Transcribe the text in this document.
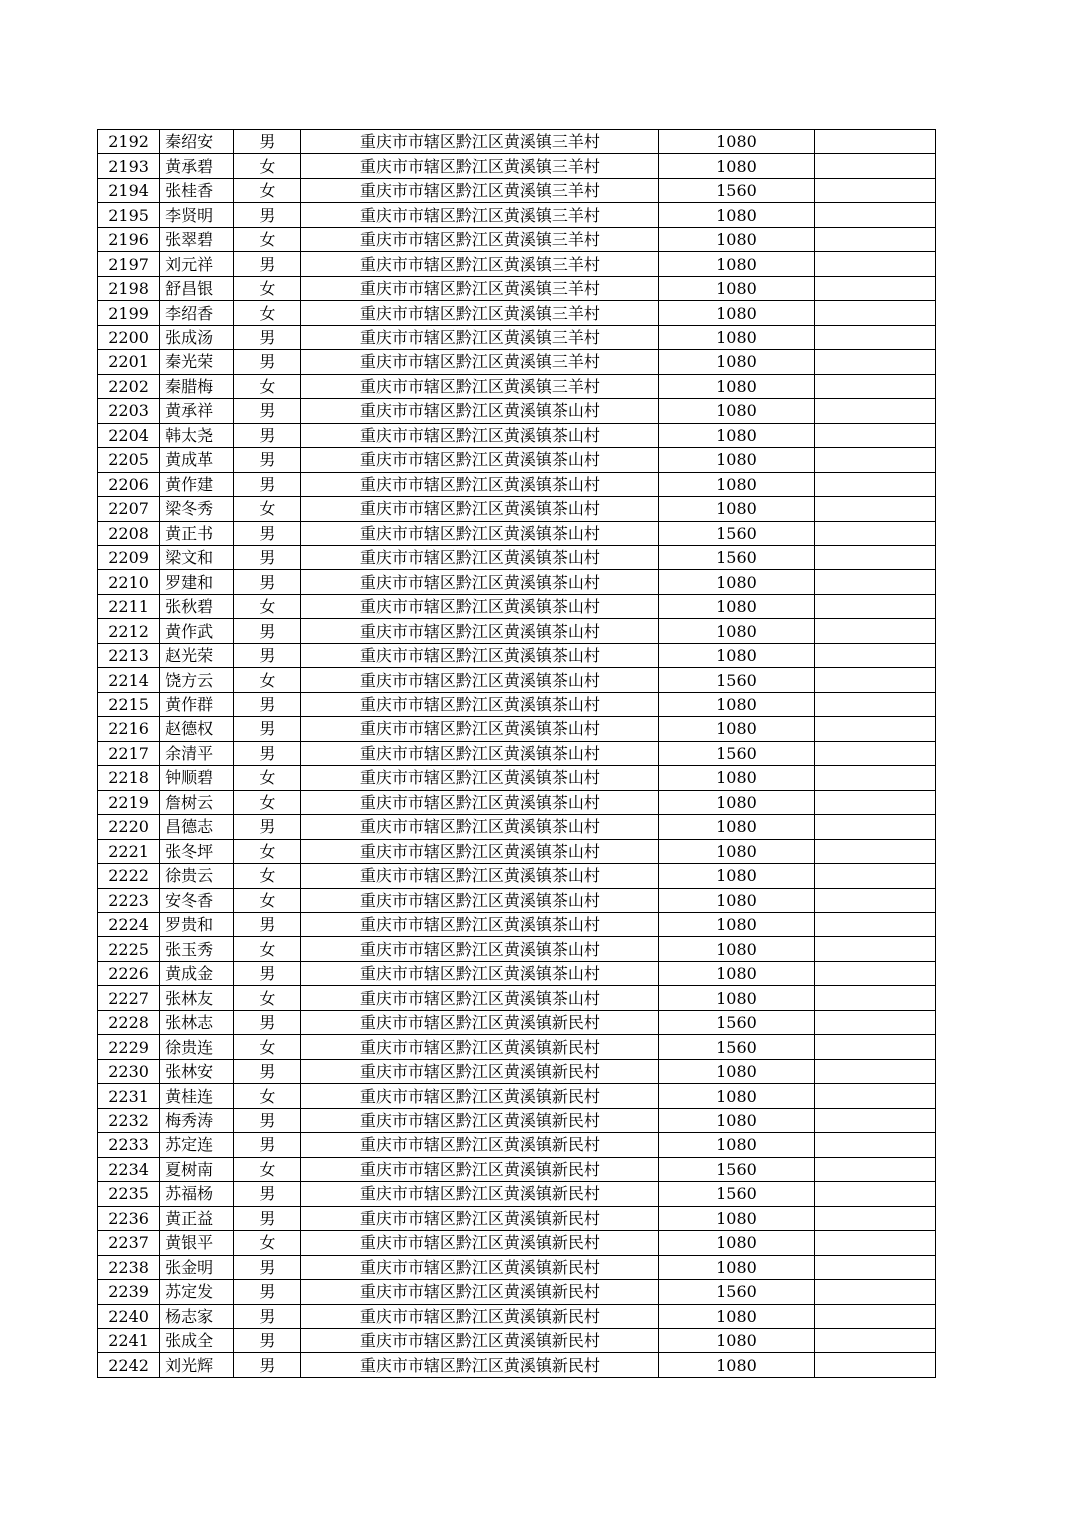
2192	秦绍安	男	重庆市市辖区黔江区黄溪镇三羊村	1080	
2193	黄承碧	女	重庆市市辖区黔江区黄溪镇三羊村	1080	
2194	张桂香	女	重庆市市辖区黔江区黄溪镇三羊村	1560	
2195	李贤明	男	重庆市市辖区黔江区黄溪镇三羊村	1080	
2196	张翠碧	女	重庆市市辖区黔江区黄溪镇三羊村	1080	
2197	刘元祥	男	重庆市市辖区黔江区黄溪镇三羊村	1080	
2198	舒昌银	女	重庆市市辖区黔江区黄溪镇三羊村	1080	
2199	李绍香	女	重庆市市辖区黔江区黄溪镇三羊村	1080	
2200	张成汤	男	重庆市市辖区黔江区黄溪镇三羊村	1080	
2201	秦光荣	男	重庆市市辖区黔江区黄溪镇三羊村	1080	
2202	秦腊梅	女	重庆市市辖区黔江区黄溪镇三羊村	1080	
2203	黄承祥	男	重庆市市辖区黔江区黄溪镇茶山村	1080	
2204	韩太尧	男	重庆市市辖区黔江区黄溪镇茶山村	1080	
2205	黄成革	男	重庆市市辖区黔江区黄溪镇茶山村	1080	
2206	黄作建	男	重庆市市辖区黔江区黄溪镇茶山村	1080	
2207	梁冬秀	女	重庆市市辖区黔江区黄溪镇茶山村	1080	
2208	黄正书	男	重庆市市辖区黔江区黄溪镇茶山村	1560	
2209	梁文和	男	重庆市市辖区黔江区黄溪镇茶山村	1560	
2210	罗建和	男	重庆市市辖区黔江区黄溪镇茶山村	1080	
2211	张秋碧	女	重庆市市辖区黔江区黄溪镇茶山村	1080	
2212	黄作武	男	重庆市市辖区黔江区黄溪镇茶山村	1080	
2213	赵光荣	男	重庆市市辖区黔江区黄溪镇茶山村	1080	
2214	饶方云	女	重庆市市辖区黔江区黄溪镇茶山村	1560	
2215	黄作群	男	重庆市市辖区黔江区黄溪镇茶山村	1080	
2216	赵德权	男	重庆市市辖区黔江区黄溪镇茶山村	1080	
2217	余清平	男	重庆市市辖区黔江区黄溪镇茶山村	1560	
2218	钟顺碧	女	重庆市市辖区黔江区黄溪镇茶山村	1080	
2219	詹树云	女	重庆市市辖区黔江区黄溪镇茶山村	1080	
2220	昌德志	男	重庆市市辖区黔江区黄溪镇茶山村	1080	
2221	张冬坪	女	重庆市市辖区黔江区黄溪镇茶山村	1080	
2222	徐贵云	女	重庆市市辖区黔江区黄溪镇茶山村	1080	
2223	安冬香	女	重庆市市辖区黔江区黄溪镇茶山村	1080	
2224	罗贵和	男	重庆市市辖区黔江区黄溪镇茶山村	1080	
2225	张玉秀	女	重庆市市辖区黔江区黄溪镇茶山村	1080	
2226	黄成金	男	重庆市市辖区黔江区黄溪镇茶山村	1080	
2227	张林友	女	重庆市市辖区黔江区黄溪镇茶山村	1080	
2228	张林志	男	重庆市市辖区黔江区黄溪镇新民村	1560	
2229	徐贵连	女	重庆市市辖区黔江区黄溪镇新民村	1560	
2230	张林安	男	重庆市市辖区黔江区黄溪镇新民村	1080	
2231	黄桂连	女	重庆市市辖区黔江区黄溪镇新民村	1080	
2232	梅秀涛	男	重庆市市辖区黔江区黄溪镇新民村	1080	
2233	苏定连	男	重庆市市辖区黔江区黄溪镇新民村	1080	
2234	夏树南	女	重庆市市辖区黔江区黄溪镇新民村	1560	
2235	苏福杨	男	重庆市市辖区黔江区黄溪镇新民村	1560	
2236	黄正益	男	重庆市市辖区黔江区黄溪镇新民村	1080	
2237	黄银平	女	重庆市市辖区黔江区黄溪镇新民村	1080	
2238	张金明	男	重庆市市辖区黔江区黄溪镇新民村	1080	
2239	苏定发	男	重庆市市辖区黔江区黄溪镇新民村	1560	
2240	杨志家	男	重庆市市辖区黔江区黄溪镇新民村	1080	
2241	张成全	男	重庆市市辖区黔江区黄溪镇新民村	1080	
2242	刘光辉	男	重庆市市辖区黔江区黄溪镇新民村	1080	
